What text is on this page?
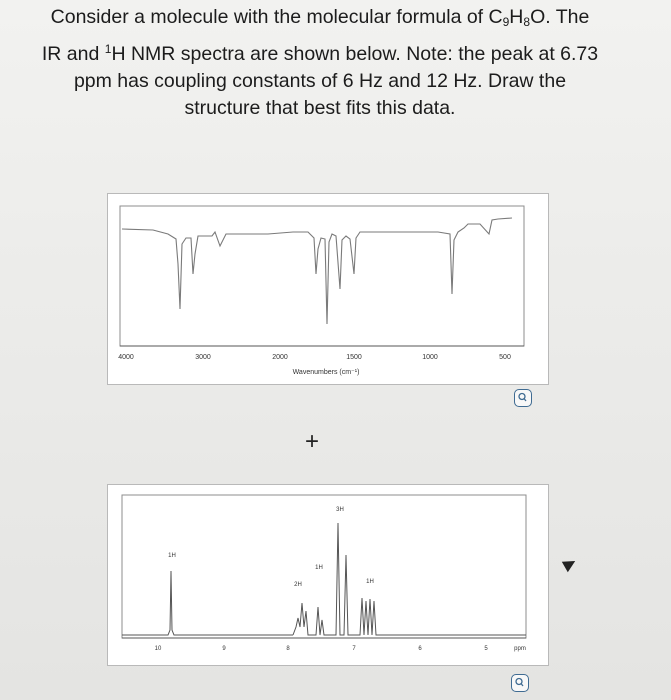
Consider a molecule with the molecular formula of $C_9H_8O$. The
IR and $^1$H NMR spectra are shown below. Note: the peak at 6.73
ppm has coupling constants of 6 Hz and 12 Hz. Draw the
structure that best fits this data.
4000	3000	2000	1500	1000	500
Wavenumbers (cm⁻¹)
+
1H
2H
1H
3H
1H
10	9	8	7	6	5	ppm
